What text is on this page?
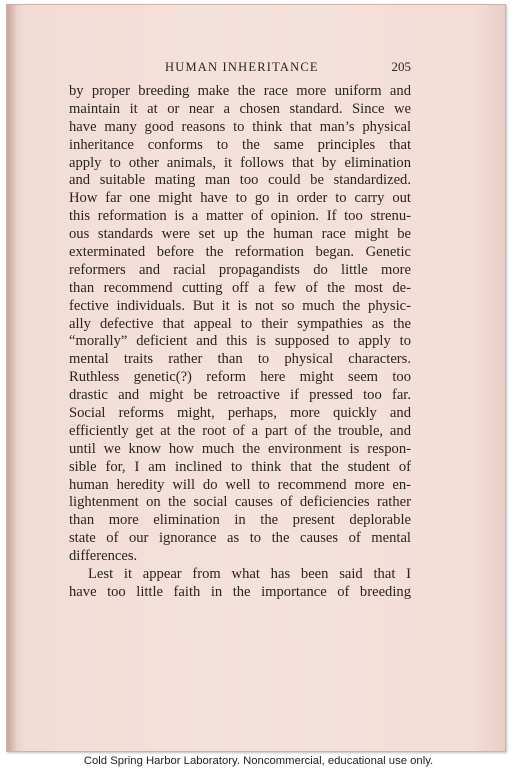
HUMAN INHERITANCE	205
by proper breeding make the race more uniform and
maintain it at or near a chosen standard. Since we
have many good reasons to think that man’s physical
inheritance conforms to the same principles that
apply to other animals, it follows that by elimination
and suitable mating man too could be standardized.
How far one might have to go in order to carry out
this reformation is a matter of opinion. If too strenu-
ous standards were set up the human race might be
exterminated before the reformation began. Genetic
reformers and racial propagandists do little more
than recommend cutting off a few of the most de-
fective individuals. But it is not so much the physic-
ally defective that appeal to their sympathies as the
“morally” deficient and this is supposed to apply to
mental traits rather than to physical characters.
Ruthless genetic(?) reform here might seem too
drastic and might be retroactive if pressed too far.
Social reforms might, perhaps, more quickly and
efficiently get at the root of a part of the trouble, and
until we know how much the environment is respon-
sible for, I am inclined to think that the student of
human heredity will do well to recommend more en-
lightenment on the social causes of deficiencies rather
than more elimination in the present deplorable
state of our ignorance as to the causes of mental
differences.
Lest it appear from what has been said that I
have too little faith in the importance of breeding
Cold Spring Harbor Laboratory. Noncommercial, educational use only.
